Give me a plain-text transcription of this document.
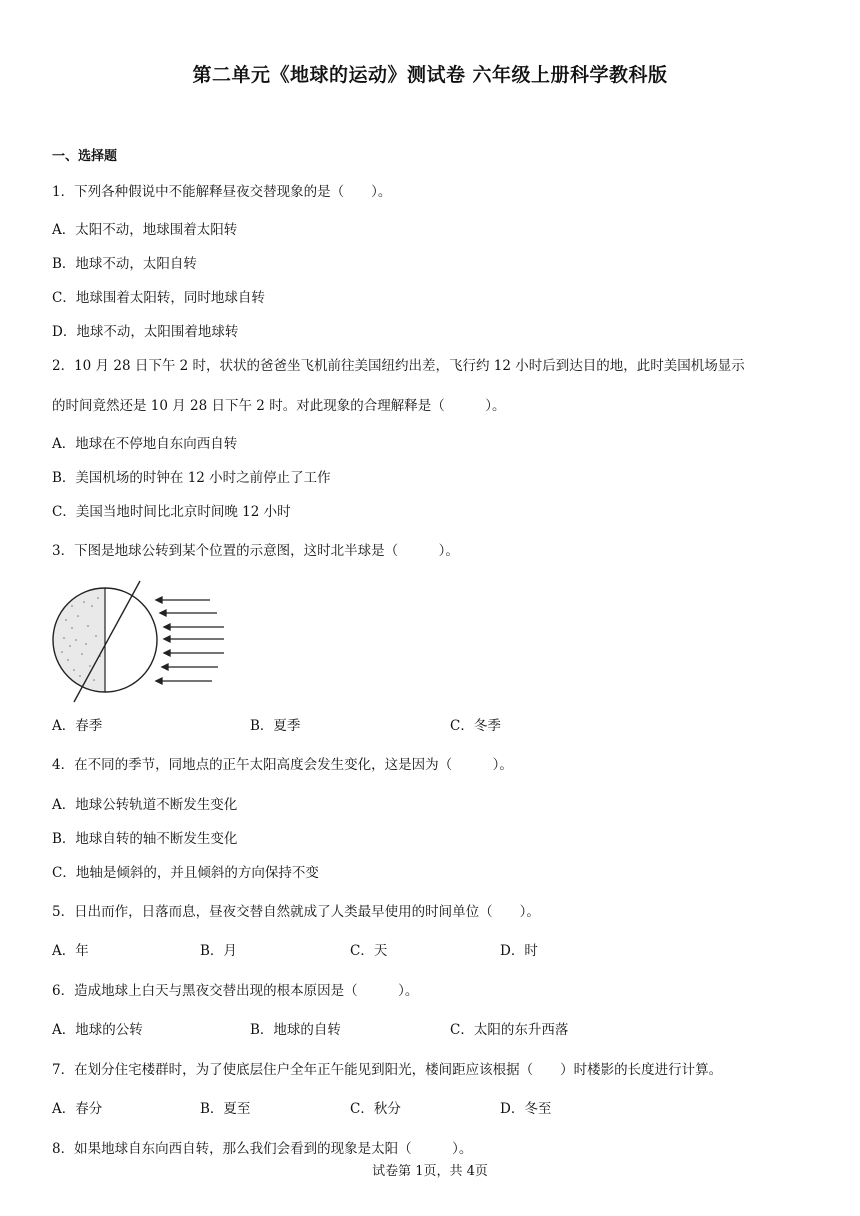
第二单元《地球的运动》测试卷 六年级上册科学教科版
一、选择题
1．下列各种假说中不能解释昼夜交替现象的是（　　）。
A．太阳不动，地球围着太阳转
B．地球不动，太阳自转
C．地球围着太阳转，同时地球自转
D．地球不动，太阳围着地球转
2．10 月 28 日下午 2 时，状状的爸爸坐飞机前往美国纽约出差，飞行约 12 小时后到达目的地，此时美国机场显示
的时间竟然还是 10 月 28 日下午 2 时。对此现象的合理解释是（　　　）。
A．地球在不停地自东向西自转
B．美国机场的时钟在 12 小时之前停止了工作
C．美国当地时间比北京时间晚 12 小时
3．下图是地球公转到某个位置的示意图，这时北半球是（　　　）。
A．春季	B．夏季	C．冬季
4．在不同的季节，同地点的正午太阳高度会发生变化，这是因为（　　　）。
A．地球公转轨道不断发生变化
B．地球自转的轴不断发生变化
C．地轴是倾斜的，并且倾斜的方向保持不变
5．日出而作，日落而息，昼夜交替自然就成了人类最早使用的时间单位（　　）。
A．年	B．月	C．天	D．时
6．造成地球上白天与黑夜交替出现的根本原因是（　　　）。
A．地球的公转	B．地球的自转	C．太阳的东升西落
7．在划分住宅楼群时，为了使底层住户全年正午能见到阳光，楼间距应该根据（　　）时楼影的长度进行计算。
A．春分	B．夏至	C．秋分	D．冬至
8．如果地球自东向西自转，那么我们会看到的现象是太阳（　　　）。
试卷第 1页，共 4页
